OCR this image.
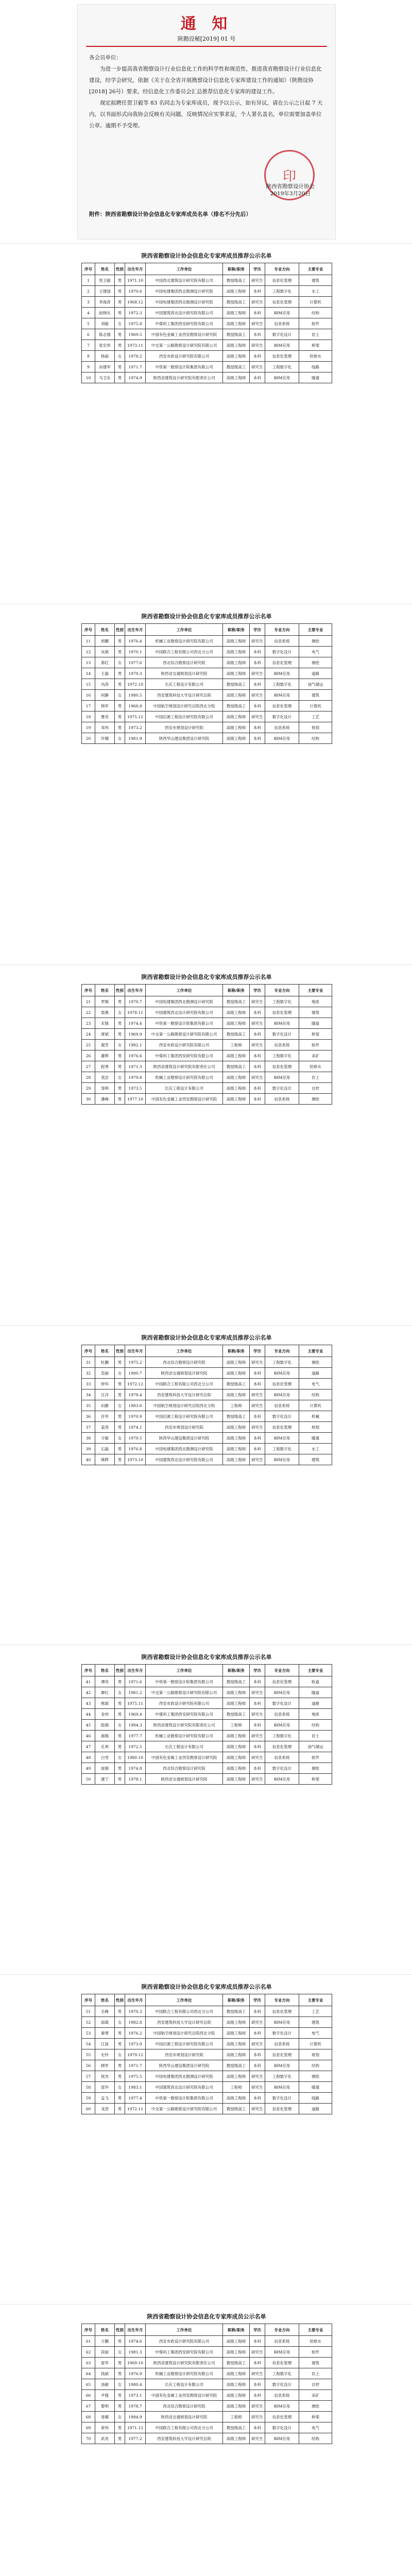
通 知
陕勘设秘[2019] 01 号

各会员单位：

为进一步提高我省勘察设计行业信息化工作的科学性和规范性，推进我省勘察设计行业信息化建设，经学会研究，依据《关于在全省开展勘察设计信息化专家库建设工作的通知》（陕勘设协[2018] 26号）要求，经信息化工作委员会汇总推荐信息化专家库的建设工作。

现定拟聘任贺卫毅等 83 名同志为专家库成员，现予以公示，如有异议，请在公示之日起 7 天内，以书面形式向我协会反映有关问题，反映情况应实事求是，个人署名盖名，单位需要加盖单位公章。逾期不予受理。

印
陕西省勘察设计协会
2019年3月20日
附件：陕西省勘察设计协会信息化专家库成员名单（排名不分先后）
陕西省勘察设计协会信息化专家库成员推荐公示名单
序号	姓名	性别	出生年月	工作单位	职称/职务	学历	专业方向	主要专业
1	贺卫毅	男	1971.10	中国西北建筑设计研究院有限公司	教授级高工	研究生	信息化管理	建筑
2	王建国	男	1970.6	中国电建集团西北勘测设计研究院	高级工程师	本科	工程数字化	水工
3	李海涛	男	1968.12	中国电建集团西北勘测设计研究院	教授级高工	研究生	信息化管理	计算机
4	赵晓东	男	1972.3	中国建筑西北设计研究院有限公司	高级工程师	本科	BIM应用	结构
5	刘敏	女	1975.8	中煤科工集团西安研究院有限公司	高级工程师	研究生	信息系统	软件
6	陈志强	男	1969.5	中国有色金属工业西安勘察设计研究院	教授级高工	本科	数字化设计	岩土
7	张宏伟	男	1973.11	中交第一公路勘察设计研究院有限公司	高级工程师	研究生	BIM应用	桥梁
8	杨丽	女	1978.2	西安市政设计研究院有限公司	高级工程师	本科	信息化管理	给排水
9	孙建军	男	1971.7	中铁第一勘察设计院集团有限公司	教授级高工	研究生	工程数字化	线路
10	马卫东	男	1974.9	陕西省建筑设计研究院有限责任公司	高级工程师	本科	BIM应用	暖通
陕西省勘察设计协会信息化专家库成员推荐公示名单
序号	姓名	性别	出生年月	工作单位	职称/职务	学历	专业方向	主要专业
11	周鹏	男	1976.4	机械工业勘察设计研究院有限公司	高级工程师	研究生	信息系统	测绘
12	吴斌	男	1970.1	中国联合工程有限公司西北分公司	高级工程师	本科	数字化设计	电气
13	郑红	女	1977.6	西北综合勘察设计研究院	高级工程师	本科	信息化管理	测绘
14	王磊	男	1979.3	陕西省交通规划设计研究院	高级工程师	研究生	BIM应用	道路
15	冯涛	男	1972.10	长庆工程设计有限公司	教授级高工	本科	工程数字化	油气储运
16	何静	女	1980.5	西安建筑科技大学设计研究总院	高级工程师	研究生	BIM应用	建筑
17	韩军	男	1968.8	中国航空规划设计研究总院西北分院	教授级高工	本科	信息化管理	计算机
18	曹亮	男	1975.12	中国启源工程设计研究院有限公司	高级工程师	研究生	数字化设计	工艺
19	邓伟	男	1973.2	西安市规划设计研究院	高级工程师	本科	信息系统	规划
20	许娜	女	1981.9	陕西华山建设集团设计研究院	高级工程师	本科	BIM应用	结构
陕西省勘察设计协会信息化专家库成员推荐公示名单
序号	姓名	性别	出生年月	工作单位	职称/职务	学历	专业方向	主要专业
21	罗刚	男	1970.7	中国电建集团西北勘测设计研究院	教授级高工	研究生	工程数字化	地质
22	梁燕	女	1978.11	中国建筑西北设计研究院有限公司	高级工程师	本科	信息化管理	建筑
23	宋强	男	1974.4	中铁第一勘察设计院集团有限公司	高级工程师	研究生	BIM应用	隧道
24	唐斌	男	1969.9	中交第一公路勘察设计研究院有限公司	教授级高工	本科	数字化设计	桥梁
25	谢芳	女	1982.1	西安市政设计研究院有限公司	工程师	研究生	信息系统	软件
26	董辉	男	1976.6	中煤科工集团西安研究院有限公司	高级工程师	本科	工程数字化	采矿
27	程勇	男	1971.3	陕西省建筑设计研究院有限责任公司	教授级高工	本科	信息化管理	给排水
28	袁洁	女	1979.8	机械工业勘察设计研究院有限公司	高级工程师	研究生	BIM应用	岩土
29	邹明	男	1973.5	长庆工程设计有限公司	高级工程师	本科	数字化设计	自控
30	潘峰	男	1977.10	中国有色金属工业西安勘察设计研究院	高级工程师	本科	信息系统	测绘
陕西省勘察设计协会信息化专家库成员推荐公示名单
序号	姓名	性别	出生年月	工作单位	职称/职务	学历	专业方向	主要专业
31	杜鹏	男	1975.2	西北综合勘察设计研究院	高级工程师	研究生	工程数字化	测绘
32	范丽	女	1980.7	陕西省交通规划设计研究院	高级工程师	本科	BIM应用	道路
33	钟华	男	1972.12	中国联合工程有限公司西北分公司	教授级高工	本科	信息化管理	电气
34	汪洋	男	1978.4	西安建筑科技大学设计研究总院	高级工程师	研究生	BIM应用	结构
35	田静	女	1983.6	中国航空规划设计研究总院西北分院	工程师	研究生	信息系统	计算机
36	任军	男	1970.9	中国启源工程设计研究院有限公司	教授级高工	本科	数字化设计	机械
37	姜涛	男	1974.1	西安市规划设计研究院	高级工程师	研究生	信息化管理	规划
38	方敏	女	1979.5	陕西华山建设集团设计研究院	高级工程师	本科	BIM应用	暖通
39	石磊	男	1976.8	中国电建集团西北勘测设计研究院	高级工程师	本科	工程数字化	水工
40	姚辉	男	1973.10	中国建筑西北设计研究院有限公司	高级工程师	研究生	BIM应用	建筑
陕西省勘察设计协会信息化专家库成员推荐公示名单
序号	姓名	性别	出生年月	工作单位	职称/职务	学历	专业方向	主要专业
41	谭亮	男	1971.6	中铁第一勘察设计院集团有限公司	教授级高工	本科	信息化管理	轨道
42	廖红	女	1981.2	中交第一公路勘察设计研究院有限公司	高级工程师	研究生	BIM应用	隧道
43	熊斌	男	1975.11	西安市政设计研究院有限公司	高级工程师	本科	数字化设计	道路
44	金伟	男	1969.4	中煤科工集团西安研究院有限公司	教授级高工	研究生	信息系统	地质
45	陆娟	女	1984.3	陕西省建筑设计研究院有限责任公司	工程师	本科	BIM应用	结构
46	郝强	男	1977.7	机械工业勘察设计研究院有限公司	高级工程师	研究生	工程数字化	岩土
47	孔明	男	1972.5	长庆工程设计有限公司	高级工程师	本科	信息化管理	油气储运
48	白雪	女	1980.10	中国有色金属工业西安勘察设计研究院	高级工程师	研究生	信息系统	软件
49	崔刚	男	1974.8	西北综合勘察设计研究院	高级工程师	本科	数字化设计	测绘
50	康宁	男	1978.1	陕西省交通规划设计研究院	高级工程师	研究生	BIM应用	桥梁
陕西省勘察设计协会信息化专家库成员推荐公示名单
序号	姓名	性别	出生年月	工作单位	职称/职务	学历	专业方向	主要专业
51	毛峰	男	1970.3	中国联合工程有限公司西北分公司	教授级高工	本科	信息化管理	工艺
52	邱霞	女	1982.8	西安建筑科技大学设计研究总院	高级工程师	研究生	BIM应用	建筑
53	秦勇	男	1976.2	中国航空规划设计研究总院西北分院	高级工程师	本科	数字化设计	电气
54	江波	男	1973.9	中国启源工程设计研究院有限公司	高级工程师	研究生	信息系统	计算机
55	史玲	女	1979.12	西安市规划设计研究院	高级工程师	本科	信息化管理	规划
56	顾军	男	1971.7	陕西华山建设集团设计研究院	教授级高工	本科	BIM应用	结构
57	侯杰	男	1975.5	中国电建集团西北勘测设计研究院	高级工程师	研究生	工程数字化	测绘
58	邵华	女	1983.1	中国建筑西北设计研究院有限公司	工程师	研究生	BIM应用	暖通
59	孟飞	男	1977.4	中铁第一勘察设计院集团有限公司	高级工程师	本科	数字化设计	线路
60	龙涛	男	1972.11	中交第一公路勘察设计研究院有限公司	教授级高工	研究生	信息化管理	道路
陕西省勘察设计协会信息化专家库成员公示名单
序号	姓名	性别	出生年月	工作单位	职称/职务	学历	专业方向	主要专业
61	万鹏	男	1974.6	西安市政设计研究院有限公司	高级工程师	本科	信息系统	给排水
62	段丽	女	1981.3	中煤科工集团西安研究院有限公司	高级工程师	研究生	BIM应用	软件
63	雷军	男	1969.10	陕西省建筑设计研究院有限责任公司	教授级高工	本科	信息化管理	建筑
64	钱斌	男	1976.9	机械工业勘察设计研究院有限公司	高级工程师	研究生	工程数字化	岩土
65	汤敏	女	1980.4	长庆工程设计有限公司	高级工程师	本科	数字化设计	自控
66	尹强	男	1973.1	中国有色金属工业西安勘察设计研究院	高级工程师	本科	信息系统	采矿
67	黎明	男	1978.7	西北综合勘察设计研究院	高级工程师	研究生	BIM应用	测绘
68	易娜	女	1984.9	陕西省交通规划设计研究院	工程师	研究生	信息化管理	桥梁
69	常伟	男	1971.12	中国联合工程有限公司西北分公司	教授级高工	本科	数字化设计	电气
70	武亮	男	1977.2	西安建筑科技大学设计研究总院	高级工程师	研究生	BIM应用	结构
